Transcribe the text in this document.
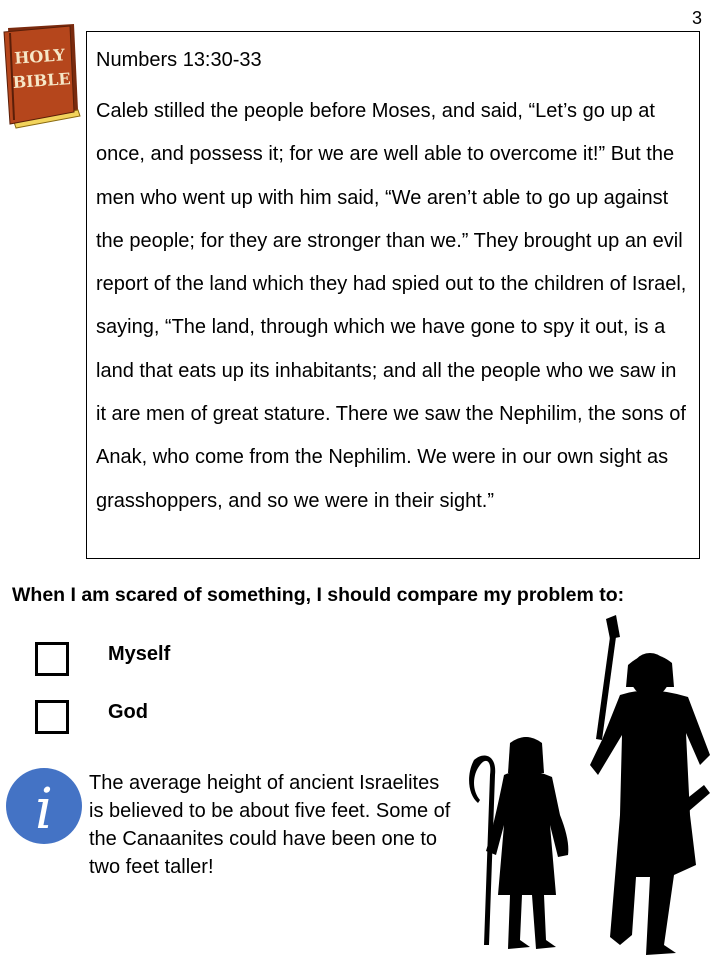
3
HOLY
BIBLE
Numbers 13:30-33
Caleb stilled the people before Moses, and said, “Let’s go up at once, and possess it; for we are well able to overcome it!” But the men who went up with him said, “We aren’t able to go up against the people; for they are stronger than we.” They brought up an evil report of the land which they had spied out to the children of Israel, saying, “The land, through which we have gone to spy it out, is a land that eats up its inhabitants; and all the people who we saw in it are men of great stature. There we saw the Nephilim, the sons of Anak, who come from the Nephilim. We were in our own sight as grasshoppers, and so we were in their sight.”
When I am scared of something, I should compare my problem to:
Myself
God
i The average height of ancient Israelites is believed to be about five feet. Some of the Canaanites could have been one to two feet taller!
